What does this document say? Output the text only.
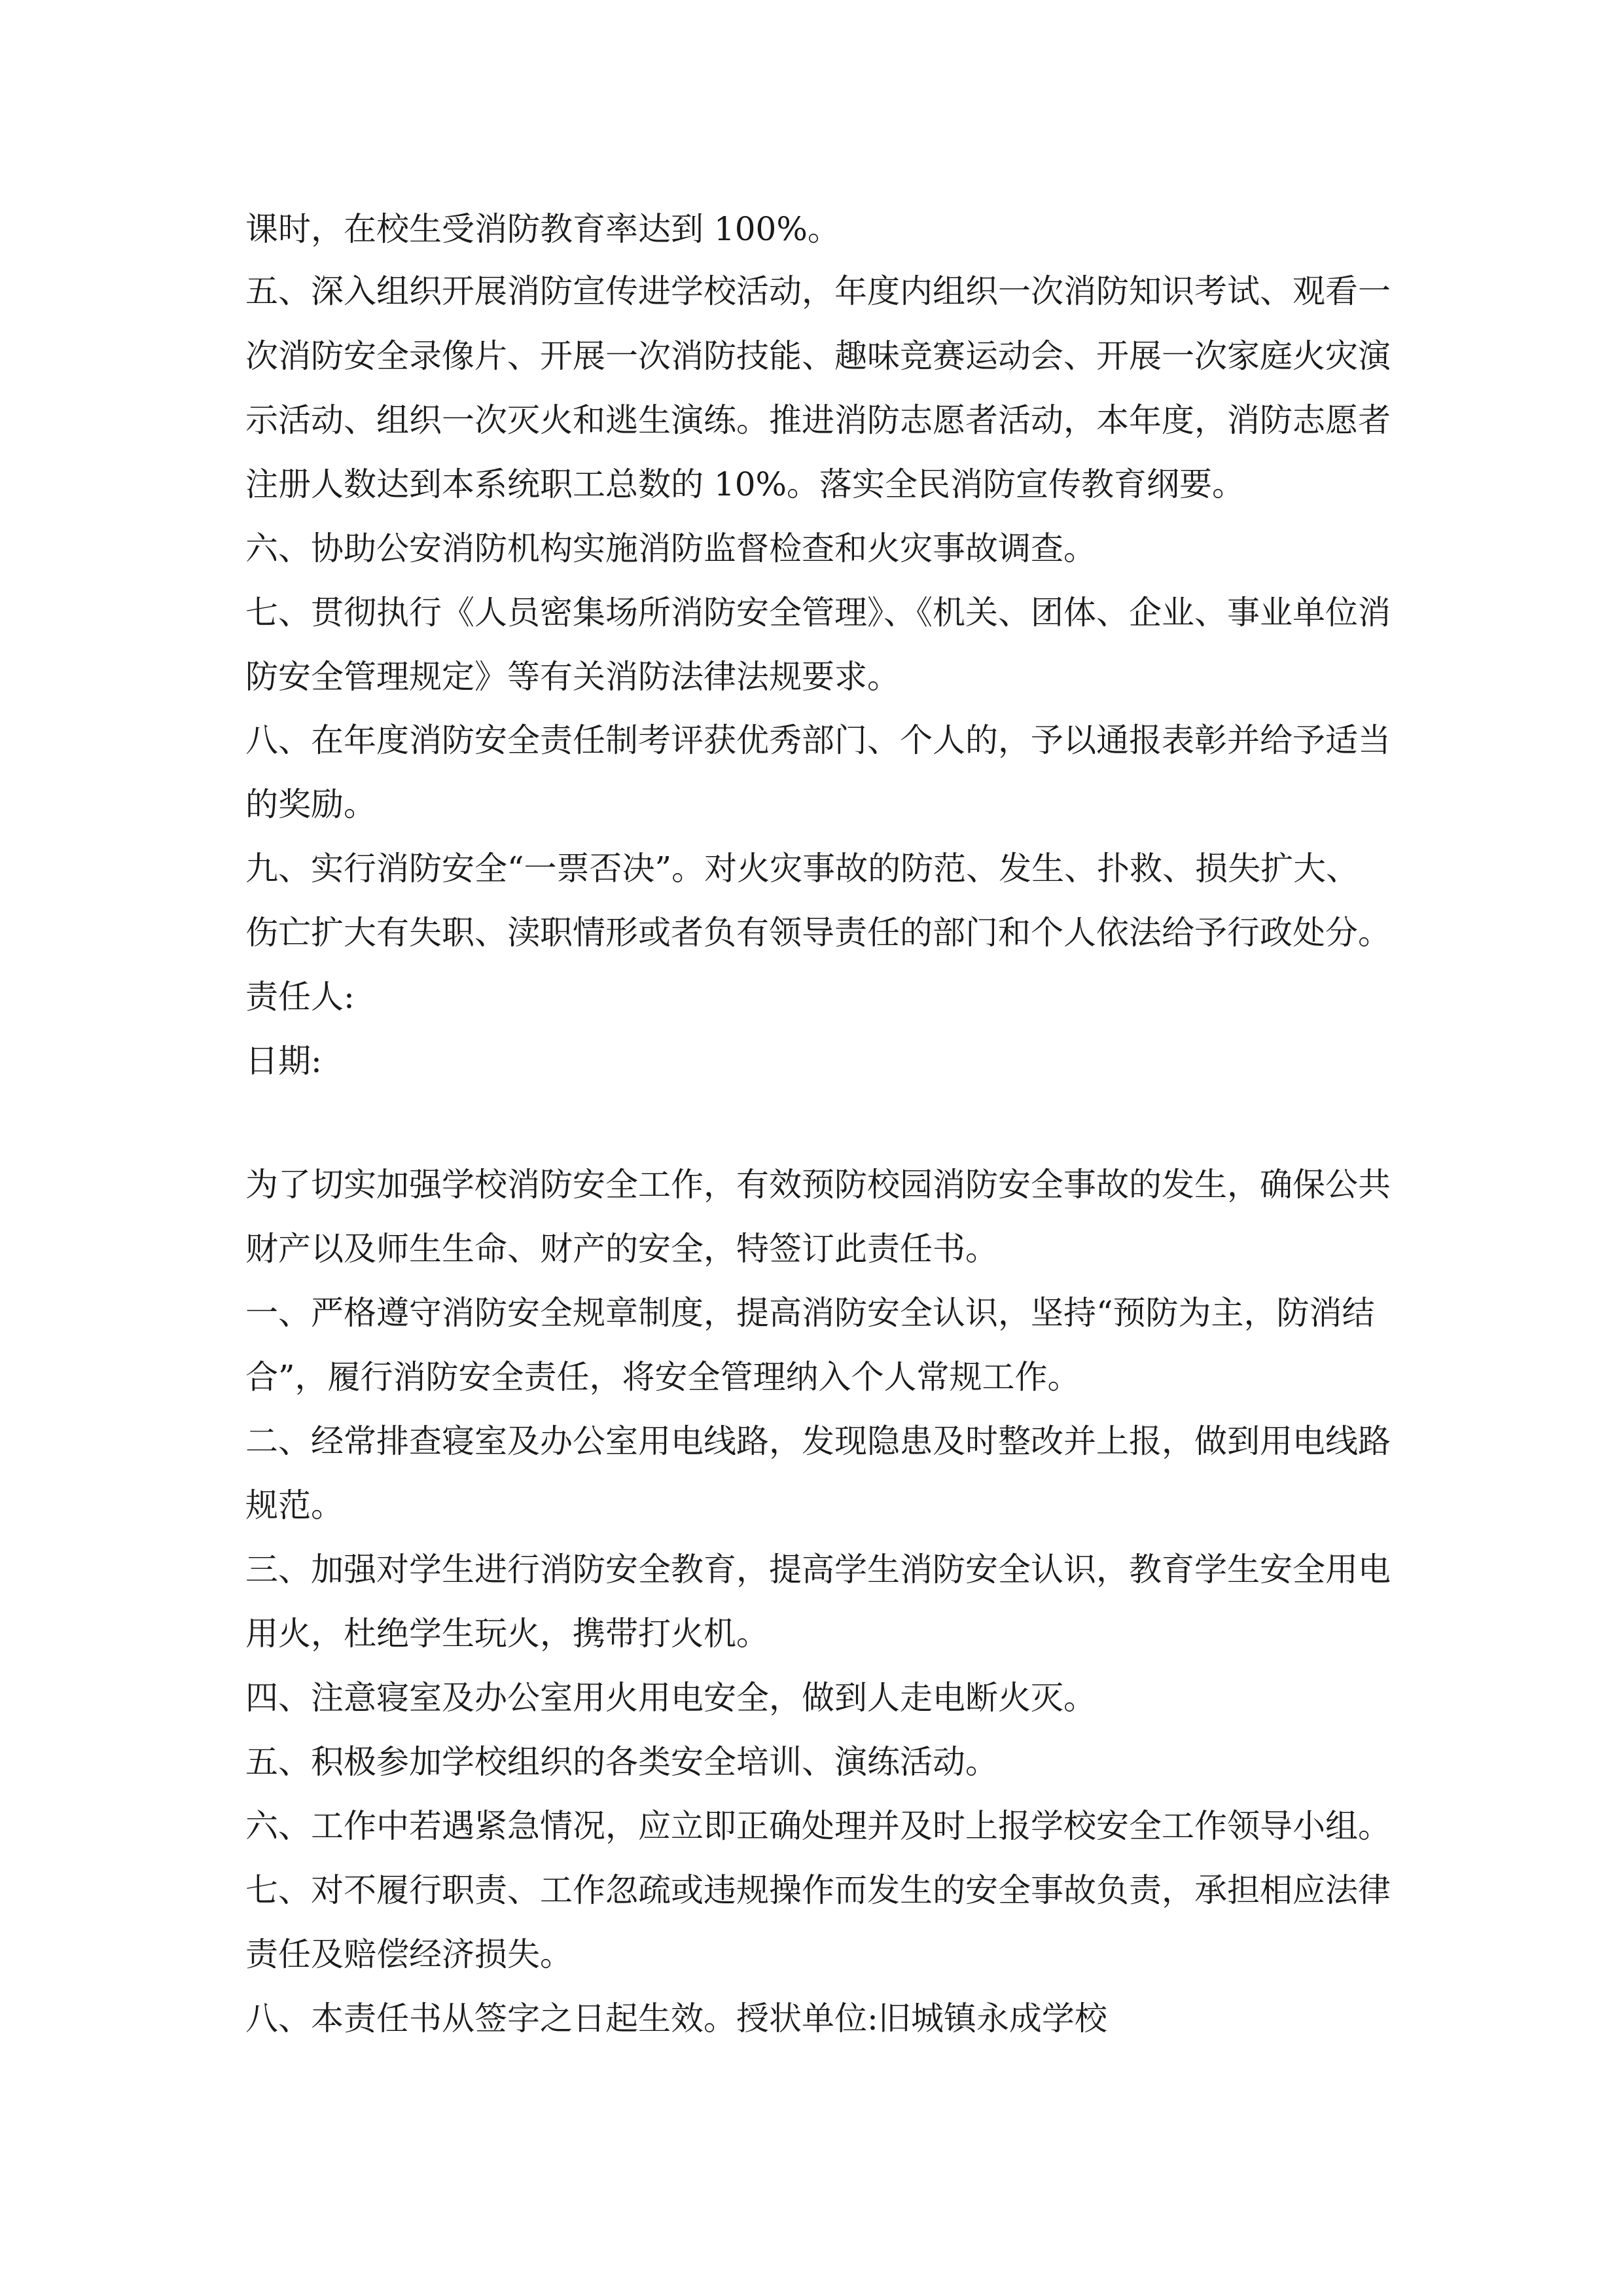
课时，在校生受消防教育率达到 100%。
五、深入组织开展消防宣传进学校活动，年度内组织一次消防知识考试、观看一
次消防安全录像片、开展一次消防技能、趣味竞赛运动会、开展一次家庭火灾演
示活动、组织一次灭火和逃生演练。推进消防志愿者活动，本年度，消防志愿者
注册人数达到本系统职工总数的 10%。落实全民消防宣传教育纲要。
六、协助公安消防机构实施消防监督检查和火灾事故调查。
七、贯彻执行《人员密集场所消防安全管理》、《机关、团体、企业、事业单位消
防安全管理规定》等有关消防法律法规要求。
八、在年度消防安全责任制考评获优秀部门、个人的，予以通报表彰并给予适当
的奖励。
九、实行消防安全“一票否决”。对火灾事故的防范、发生、扑救、损失扩大、
伤亡扩大有失职、渎职情形或者负有领导责任的部门和个人依法给予行政处分。
责任人:
日期:
为了切实加强学校消防安全工作，有效预防校园消防安全事故的发生，确保公共
财产以及师生生命、财产的安全，特签订此责任书。
一、严格遵守消防安全规章制度，提高消防安全认识，坚持“预防为主，防消结
合”，履行消防安全责任，将安全管理纳入个人常规工作。
二、经常排查寝室及办公室用电线路，发现隐患及时整改并上报，做到用电线路
规范。
三、加强对学生进行消防安全教育，提高学生消防安全认识，教育学生安全用电
用火，杜绝学生玩火，携带打火机。
四、注意寝室及办公室用火用电安全，做到人走电断火灭。
五、积极参加学校组织的各类安全培训、演练活动。
六、工作中若遇紧急情况，应立即正确处理并及时上报学校安全工作领导小组。
七、对不履行职责、工作忽疏或违规操作而发生的安全事故负责，承担相应法律
责任及赔偿经济损失。
八、本责任书从签字之日起生效。授状单位:旧城镇永成学校
